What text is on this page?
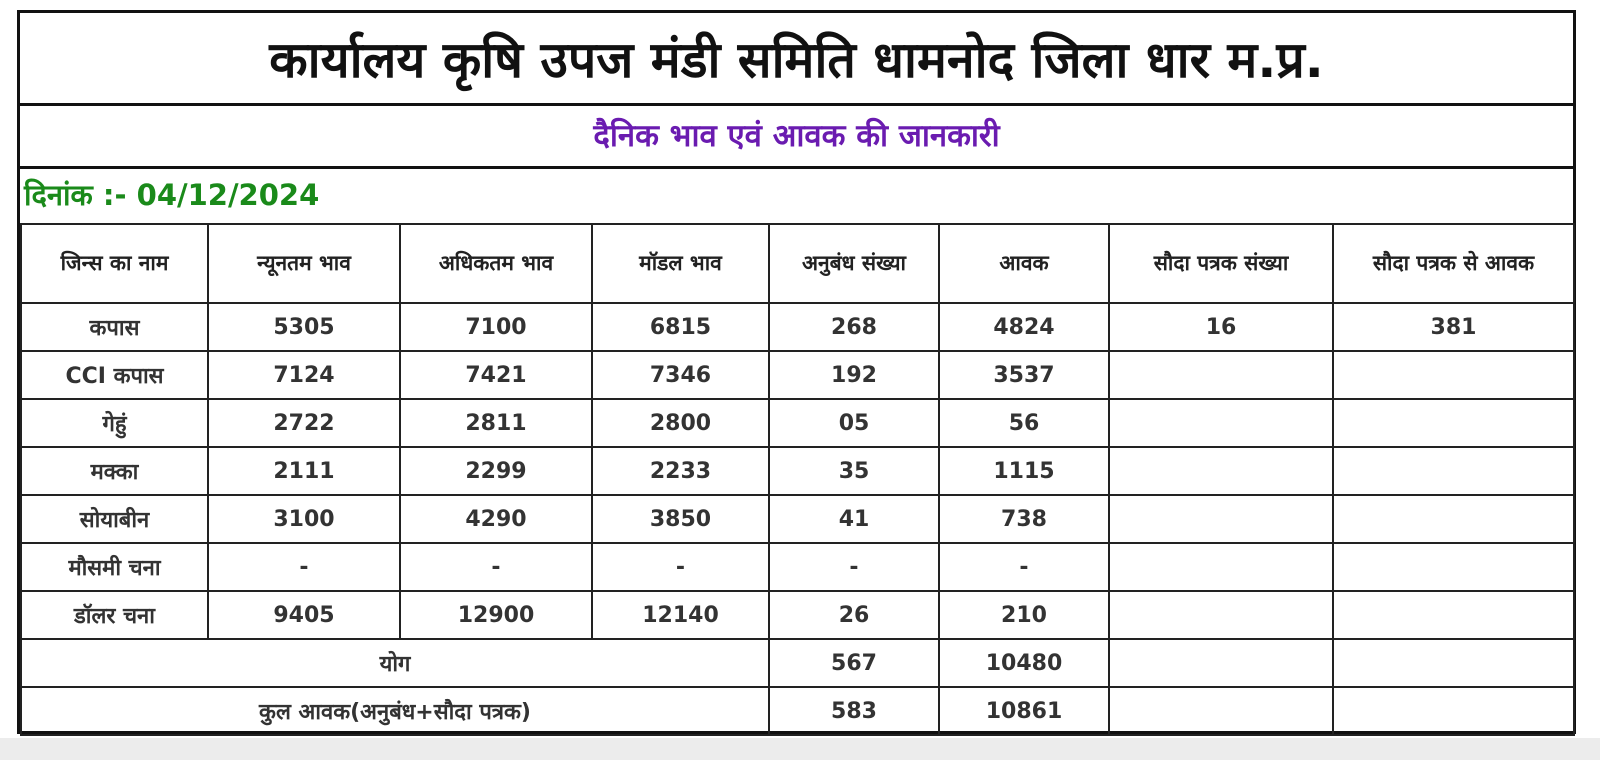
कार्यालय कृषि उपज मंडी समिति धामनोद जिला धार म.प्र.
दैनिक भाव एवं आवक की जानकारी
दिनांक :-
04/12/2024
जिन्स का नाम	न्यूनतम भाव	अधिकतम भाव	मॉडल भाव	अनुबंध संख्या	आवक	सौदा पत्रक संख्या	सौदा पत्रक से आवक
कपास	5305	7100	6815	268	4824	16	381
CCI कपास	7124	7421	7346	192	3537		
गेहुं	2722	2811	2800	05	56		
मक्का	2111	2299	2233	35	1115		
सोयाबीन	3100	4290	3850	41	738		
मौसमी चना	-	-	-	-	-		
डॉलर चना	9405	12900	12140	26	210		
योग				567	10480		
कुल आवक(अनुबंध+सौदा पत्रक)				583	10861		
